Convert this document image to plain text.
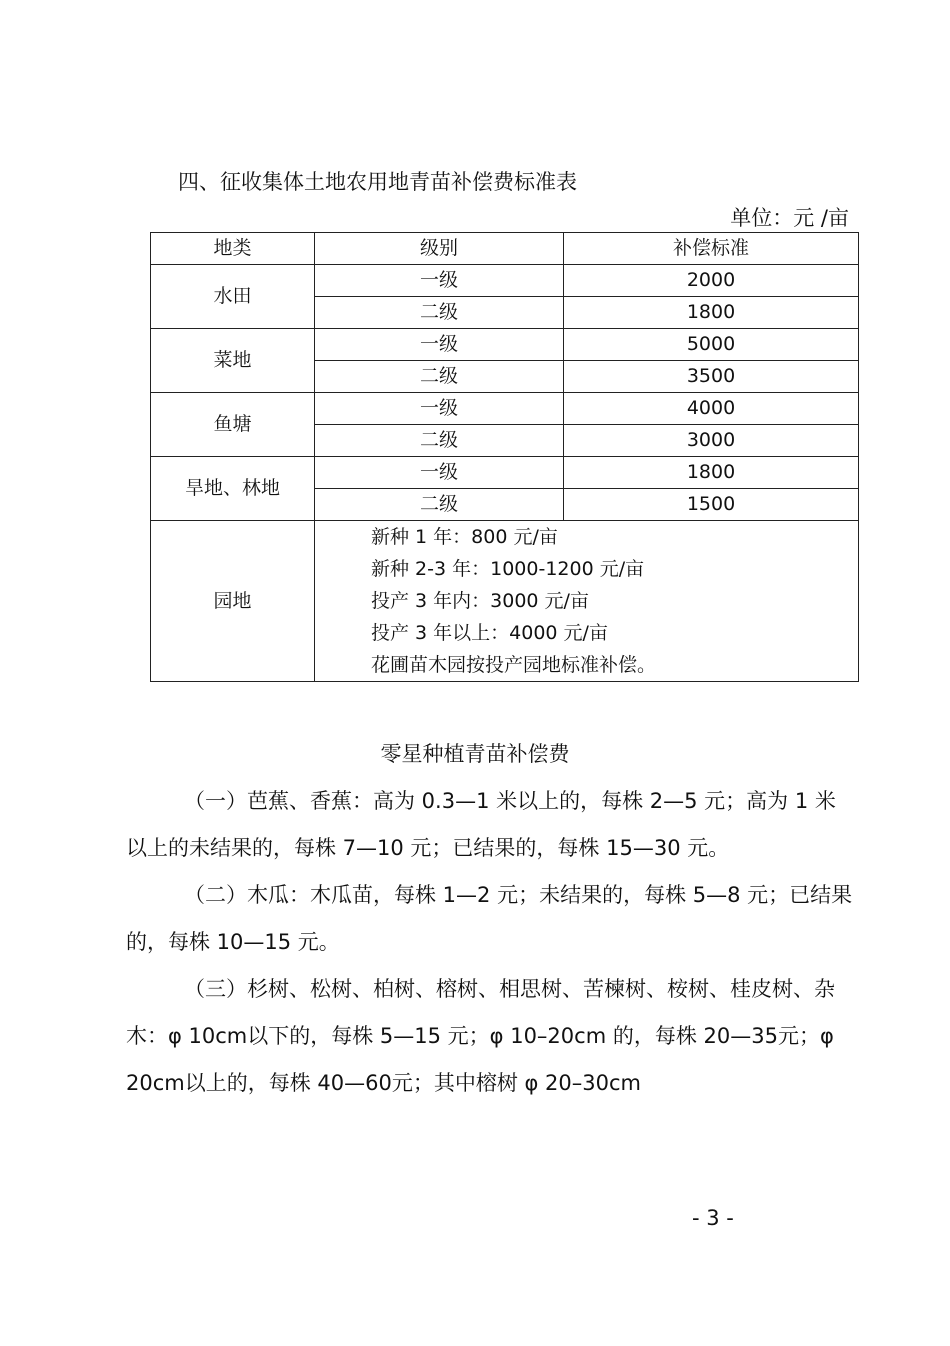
四、征收集体土地农用地青苗补偿费标准表
单位：元 /亩
地类	级别	补偿标准
水田	一级	2000
	二级	1800
菜地	一级	5000
	二级	3500
鱼塘	一级	4000
	二级	3000
旱地、林地	一级	1800
	二级	1500
园地	新种 1 年：800 元/亩
新种 2-3 年：1000-1200 元/亩
投产 3 年内：3000 元/亩
投产 3 年以上：4000 元/亩
花圃苗木园按投产园地标准补偿。	
零星种植青苗补偿费

（一）芭蕉、香蕉：高为 0.3—1 米以上的，每株 2—5 元；高为 1 米以上的未结果的，每株 7—10 元；已结果的，每株 15—30 元。

（二）木瓜：木瓜苗，每株 1—2 元；未结果的，每株 5—8 元；已结果的，每株 10—15 元。

（三）杉树、松树、柏树、榕树、相思树、苦楝树、桉树、桂皮树、杂木：φ 10cm以下的，每株 5—15 元；φ 10–20cm 的，每株 20—35元；φ 20cm以上的，每株 40—60元；其中榕树 φ 20–30cm

- 3 -
